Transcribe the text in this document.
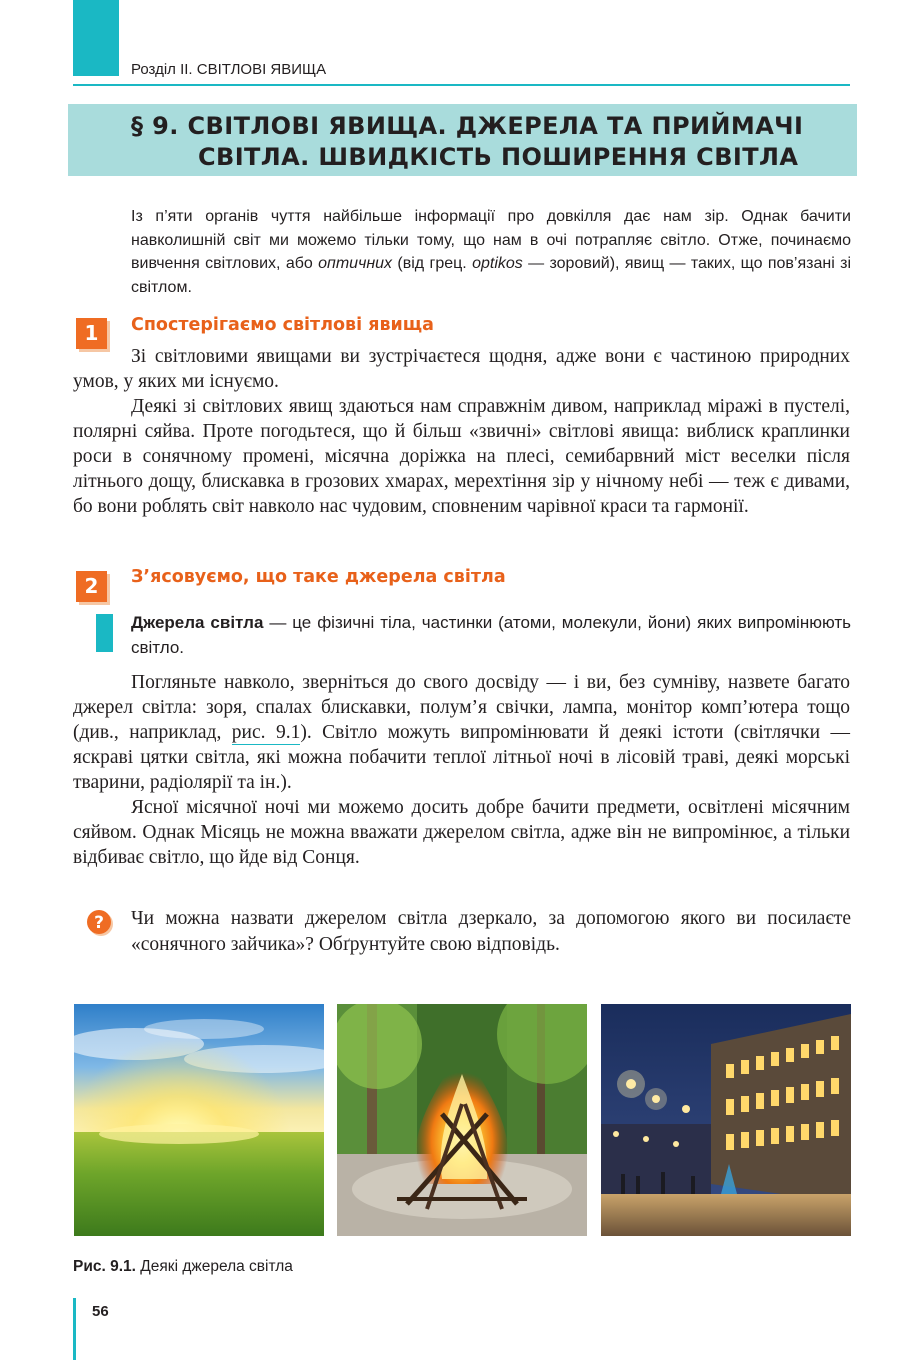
Розділ II. СВІТЛОВІ ЯВИЩА
§ 9. СВІТЛОВІ ЯВИЩА. ДЖЕРЕЛА ТА ПРИЙМАЧІ
СВІТЛА. ШВИДКІСТЬ ПОШИРЕННЯ СВІТЛА

Із п’яти органів чуття найбільше інформації про довкілля дає нам зір. Однак бачити навколишній світ ми можемо тільки тому, що нам в очі потрапляє світло. Отже, починаємо вивчення світлових, або оптичних (від грец. optikos — зоровий), явищ — таких, що пов’язані зі світлом.

1	Спостерігаємо світлові явища

Зі світловими явищами ви зустрічаєтеся щодня, адже вони є частиною природних умов, у яких ми існуємо.

Деякі зі світлових явищ здаються нам справжнім дивом, наприклад міражі в пустелі, полярні сяйва. Проте погодьтеся, що й більш «звичні» світлові явища: виблиск краплинки роси в сонячному промені, місячна доріжка на плесі, семибарвний міст веселки після літнього дощу, блискавка в грозових хмарах, мерехтіння зір у нічному небі — теж є дивами, бо вони роблять світ навколо нас чудовим, сповненим чарівної краси та гармонії.

2	З’ясовуємо, що таке джерела світла

Джерела світла — це фізичні тіла, частинки (атоми, молекули, йони) яких випромінюють світло.

Погляньте навколо, зверніться до свого досвіду — і ви, без сумніву, назвете багато джерел світла: зоря, спалах блискавки, полум’я свічки, лампа, монітор комп’ютера тощо (див., наприклад, рис. 9.1). Світло можуть випромінювати й деякі істоти (світлячки — яскраві цятки світла, які можна побачити теплої літньої ночі в лісовій траві, деякі морські тварини, радіолярії та ін.).

Ясної місячної ночі ми можемо досить добре бачити предмети, освітлені місячним сяйвом. Однак Місяць не можна вважати джерелом світла, адже він не випромінює, а тільки відбиває світло, що йде від Сонця.

? Чи можна назвати джерелом світла дзеркало, за допомогою якого ви посилаєте «сонячного зайчика»? Обґрунтуйте свою відповідь.

Рис. 9.1. Деякі джерела світла
56
